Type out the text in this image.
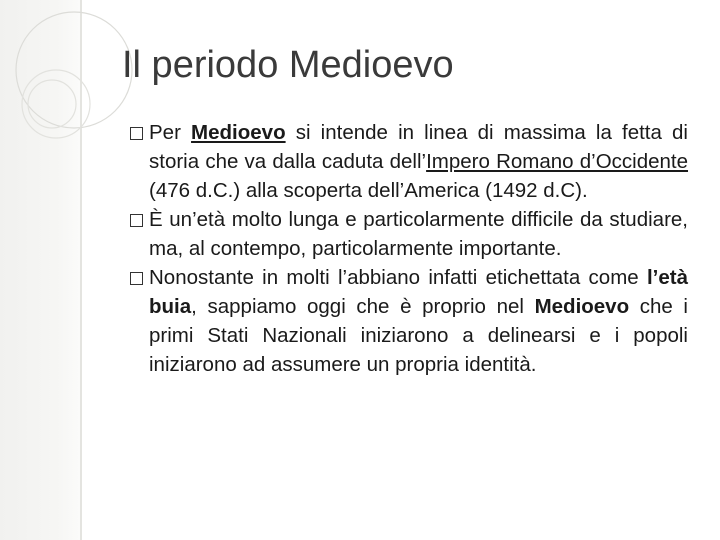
Il periodo Medioevo
Per Medioevo si intende in linea di massima la fetta di storia che va dalla caduta dell’Impero Romano d’Occidente (476 d.C.) alla scoperta dell’America (1492 d.C).
È un’età molto lunga e particolarmente difficile da studiare, ma, al contempo, particolarmente importante.
Nonostante in molti l’abbiano infatti etichettata come l’età buia, sappiamo oggi che è proprio nel Medioevo che i primi Stati Nazionali iniziarono a delinearsi e i popoli iniziarono ad assumere un propria identità.
